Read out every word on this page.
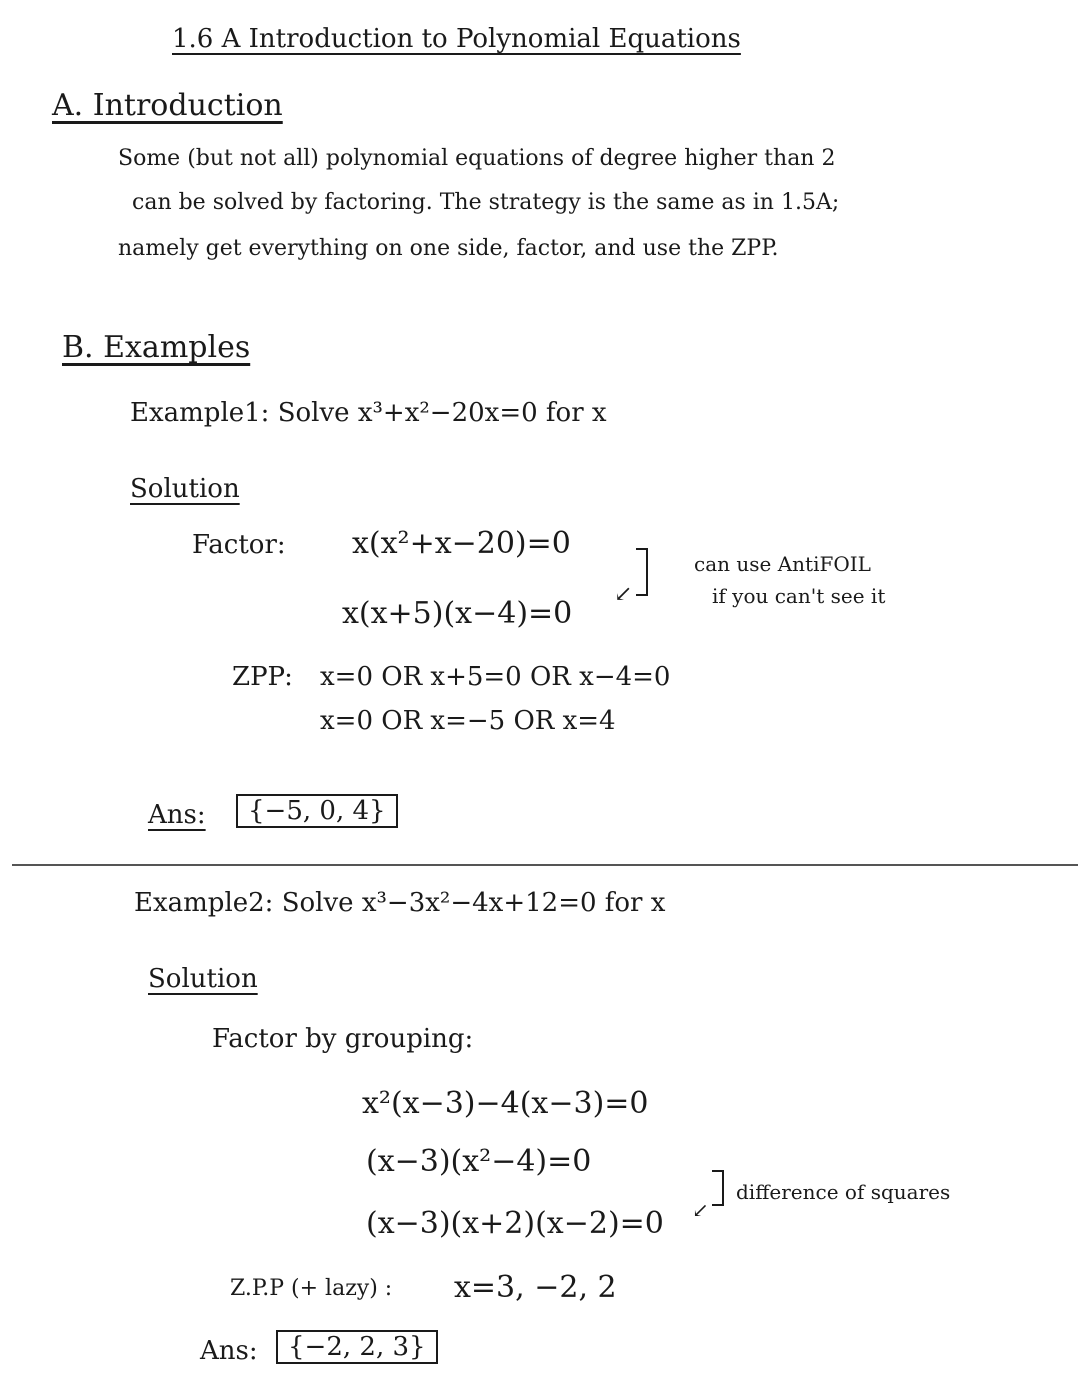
1.6 A Introduction to Polynomial Equations
A. Introduction
Some (but not all) polynomial equations of degree higher than 2
can be solved by factoring. The strategy is the same as in 1.5A;
namely get everything on one side, factor, and use the ZPP.
B. Examples
Example1: Solve x³+x²−20x=0 for x
Solution
Factor: x(x²+x−20)=0
x(x+5)(x−4)=0
↙
can use AntiFOIL
if you can't see it
ZPP: x=0 OR x+5=0 OR x−4=0
x=0 OR x=−5 OR x=4
Ans:	{−5, 0, 4}
Example2: Solve x³−3x²−4x+12=0 for x
Solution
Factor by grouping:
x²(x−3)−4(x−3)=0
(x−3)(x²−4)=0
(x−3)(x+2)(x−2)=0 ↙
difference of squares
Z.P.P (+ lazy) : x=3, −2, 2
Ans:	{−2, 2, 3}
